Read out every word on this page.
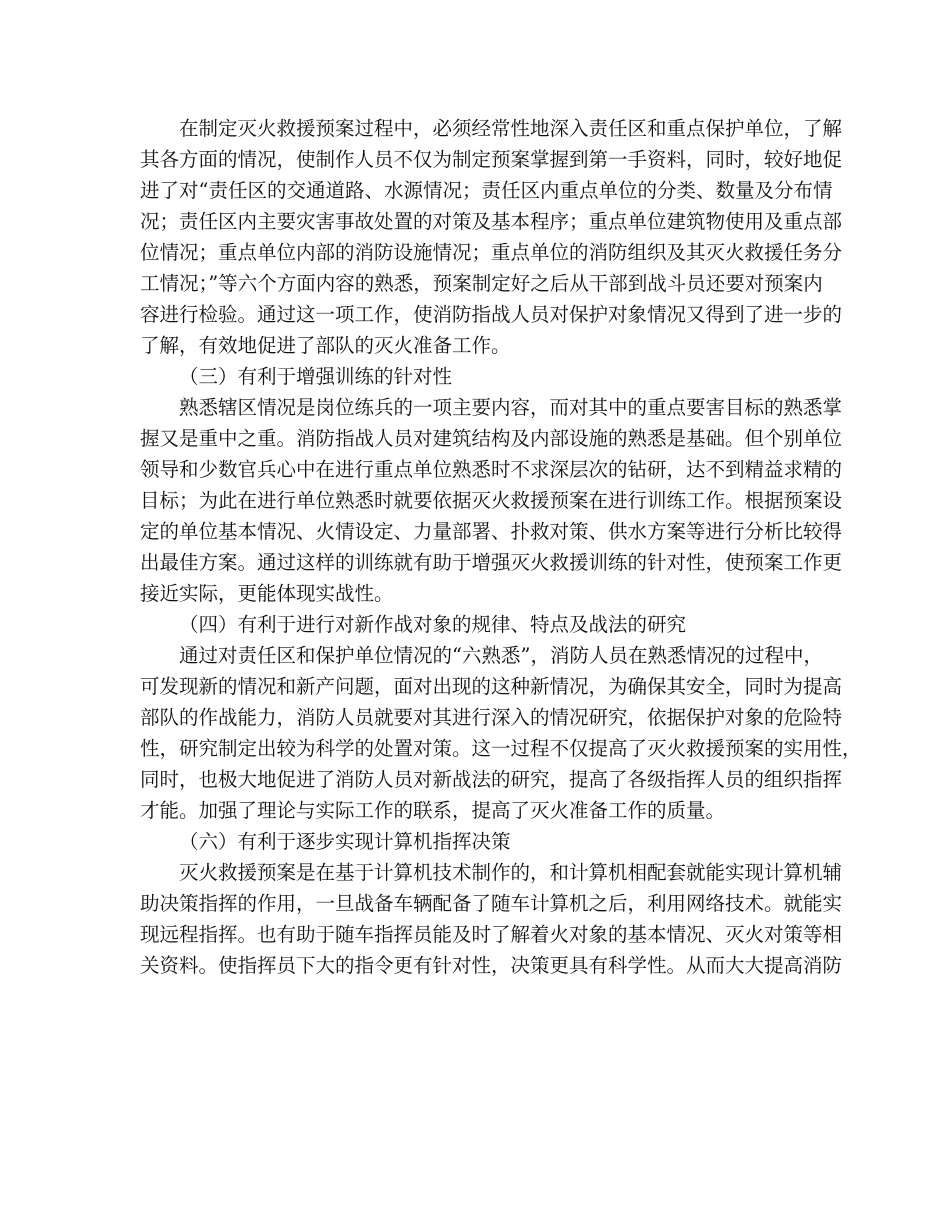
在制定灭火救援预案过程中，必须经常性地深入责任区和重点保护单位，了解
其各方面的情况，使制作人员不仅为制定预案掌握到第一手资料，同时，较好地促
进了对“责任区的交通道路、水源情况；责任区内重点单位的分类、数量及分布情
况；责任区内主要灾害事故处置的对策及基本程序；重点单位建筑物使用及重点部
位情况；重点单位内部的消防设施情况；重点单位的消防组织及其灭火救援任务分
工情况；”等六个方面内容的熟悉，预案制定好之后从干部到战斗员还要对预案内
容进行检验。通过这一项工作，使消防指战人员对保护对象情况又得到了进一步的
了解，有效地促进了部队的灭火准备工作。
（三）有利于增强训练的针对性
熟悉辖区情况是岗位练兵的一项主要内容，而对其中的重点要害目标的熟悉掌
握又是重中之重。消防指战人员对建筑结构及内部设施的熟悉是基础。但个别单位
领导和少数官兵心中在进行重点单位熟悉时不求深层次的钻研，达不到精益求精的
目标；为此在进行单位熟悉时就要依据灭火救援预案在进行训练工作。根据预案设
定的单位基本情况、火情设定、力量部署、扑救对策、供水方案等进行分析比较得
出最佳方案。通过这样的训练就有助于增强灭火救援训练的针对性，使预案工作更
接近实际，更能体现实战性。
（四）有利于进行对新作战对象的规律、特点及战法的研究
通过对责任区和保护单位情况的“六熟悉”，消防人员在熟悉情况的过程中，
可发现新的情况和新产问题，面对出现的这种新情况，为确保其安全，同时为提高
部队的作战能力，消防人员就要对其进行深入的情况研究，依据保护对象的危险特
性，研究制定出较为科学的处置对策。这一过程不仅提高了灭火救援预案的实用性，
同时，也极大地促进了消防人员对新战法的研究，提高了各级指挥人员的组织指挥
才能。加强了理论与实际工作的联系，提高了灭火准备工作的质量。
（六）有利于逐步实现计算机指挥决策
灭火救援预案是在基于计算机技术制作的，和计算机相配套就能实现计算机辅
助决策指挥的作用，一旦战备车辆配备了随车计算机之后，利用网络技术。就能实
现远程指挥。也有助于随车指挥员能及时了解着火对象的基本情况、灭火对策等相
关资料。使指挥员下大的指令更有针对性，决策更具有科学性。从而大大提高消防
